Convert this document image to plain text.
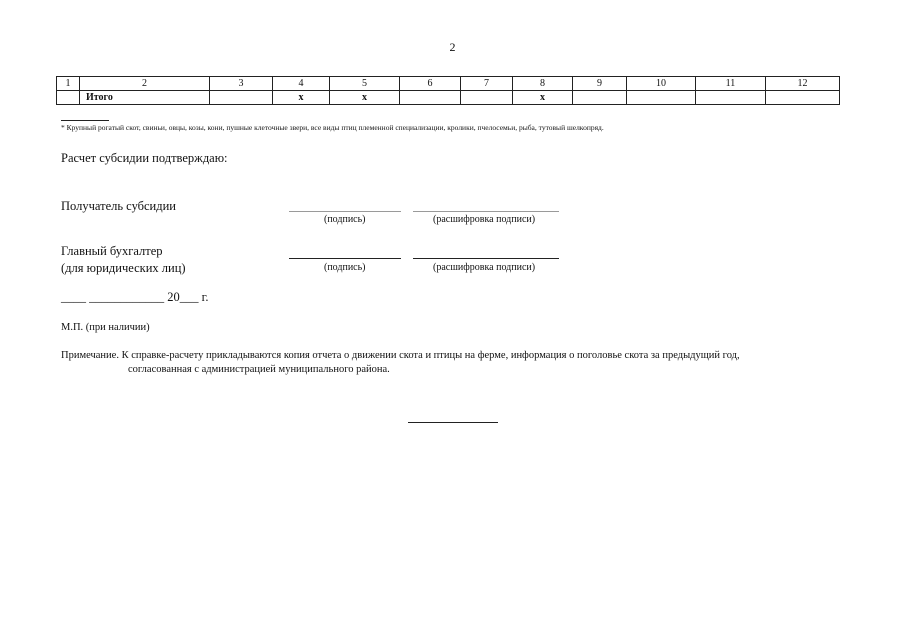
2
1	2	3	4	5	6	7	8	9	10	11	12
	Итого		x	x			x				
* Крупный рогатый скот, свиньи, овцы, козы, кони, пушные клеточные звери, все виды птиц племенной специализации, кролики, пчелосемьи, рыба, тутовый шелкопряд.
Расчет субсидии подтверждаю:
Получатель субсидии
(подпись)	(расшифровка подписи)
Главный бухгалтер
(для юридических лиц)	(подпись)	(расшифровка подписи)
____ ____________ 20___ г.
М.П. (при наличии)
Примечание. К справке-расчету прикладываются копия отчета о движении скота и птицы на ферме, информация о поголовье скота за предыдущий год,
согласованная с администрацией муниципального района.
